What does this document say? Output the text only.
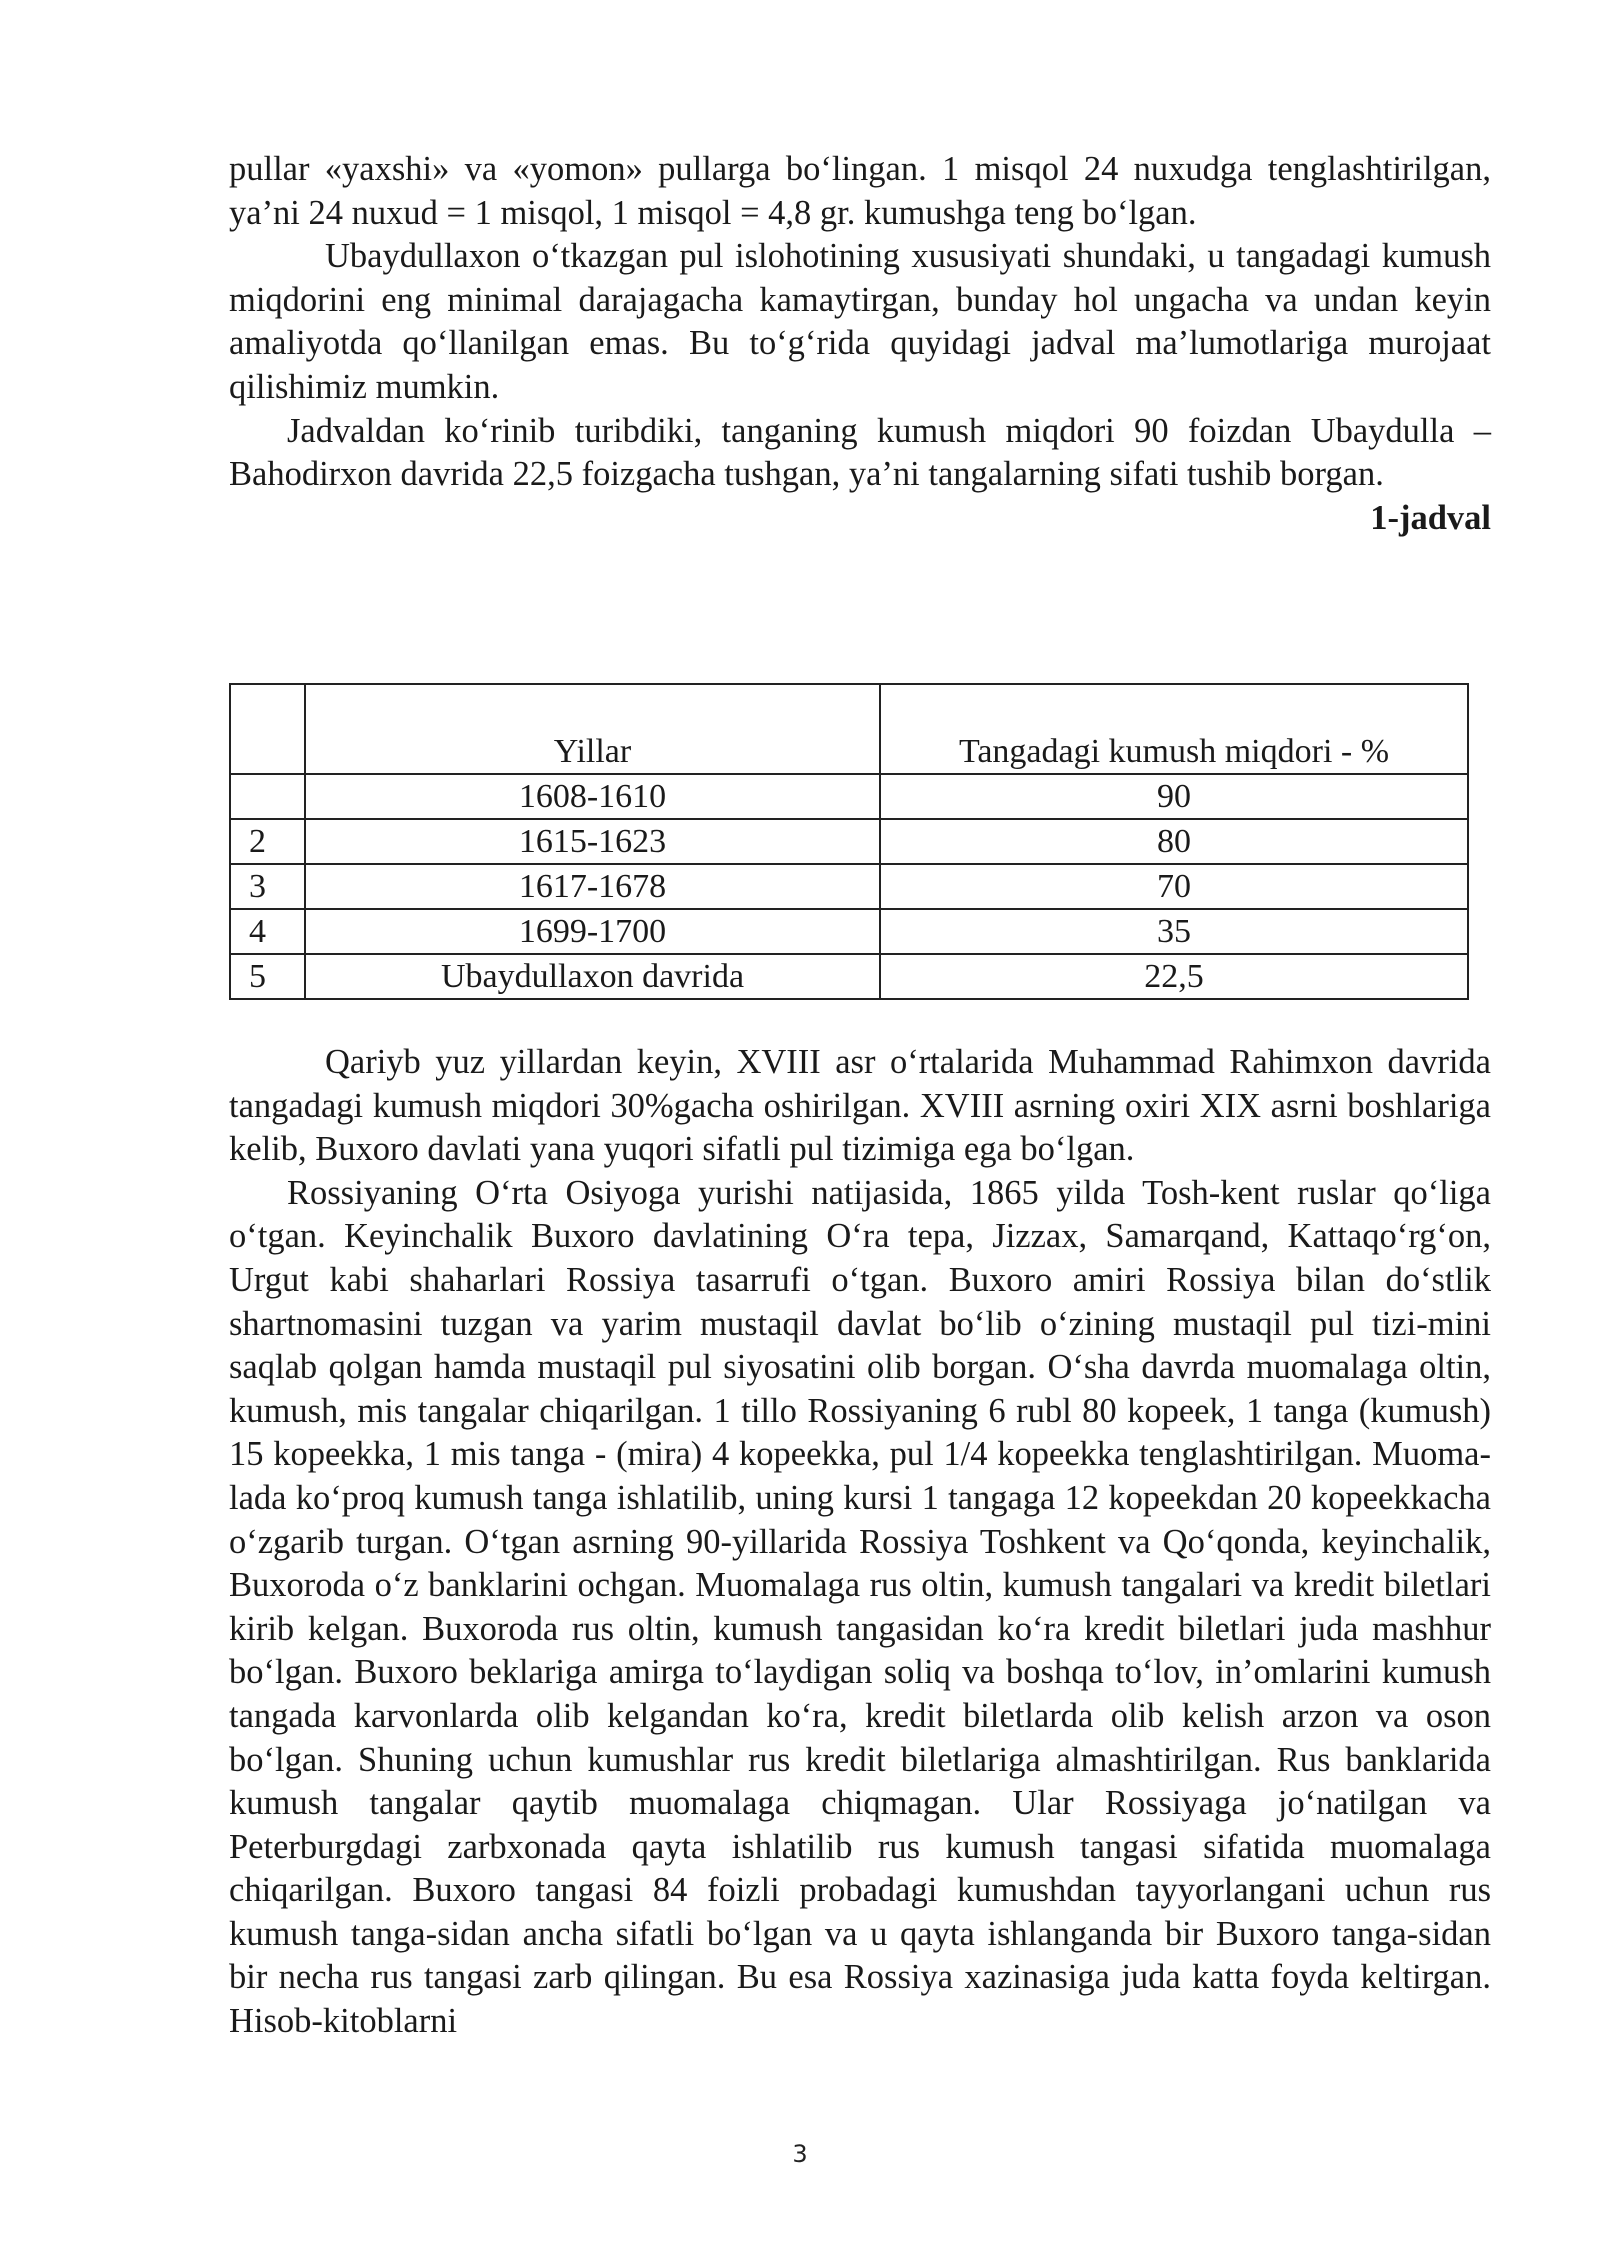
pullar «yaxshi» va «yomon» pullarga bo‘lingan. 1 misqol 24 nuxudga tenglashtirilgan, ya’ni 24 nuxud = 1 misqol, 1 misqol = 4,8 gr. kumushga teng bo‘lgan.

Ubaydullaxon o‘tkazgan pul islohotining xususiyati shundaki, u tangadagi kumush miqdorini eng minimal darajagacha kamaytirgan, bunday hol ungacha va undan keyin amaliyotda qo‘llanilgan emas. Bu to‘g‘rida quyidagi jadval ma’lumotlariga murojaat qilishimiz mumkin.

Jadvaldan ko‘rinib turibdiki, tanganing kumush miqdori 90 foizdan Ubaydulla – Bahodirxon davrida 22,5 foizgacha tushgan, ya’ni tangalarning sifati tushib borgan.

1-jadval

	Yillar	Tangadagi kumush miqdori - %
	1608-1610	90
2	1615-1623	80
3	1617-1678	70
4	1699-1700	35
5	Ubaydullaxon davrida	22,5

Qariyb yuz yillardan keyin, XVIII asr o‘rtalarida Muhammad Rahimxon davrida tangadagi kumush miqdori 30%gacha oshirilgan. XVIII asrning oxiri XIX asrni boshlariga kelib, Buxoro davlati yana yuqori sifatli pul tizimiga ega bo‘lgan.

Rossiyaning O‘rta Osiyoga yurishi natijasida, 1865 yilda Tosh-kent ruslar qo‘liga o‘tgan. Keyinchalik Buxoro davlatining O‘ra tepa, Jizzax, Samarqand, Kattaqo‘rg‘on, Urgut kabi shaharlari Rossiya tasarrufi o‘tgan. Buxoro amiri Rossiya bilan do‘stlik shartnomasini tuzgan va yarim mustaqil davlat bo‘lib o‘zining mustaqil pul tizi-mini saqlab qolgan hamda mustaqil pul siyosatini olib borgan. O‘sha davrda muomalaga oltin, kumush, mis tangalar chiqarilgan. 1 tillo Rossiyaning 6 rubl 80 kopeek, 1 tanga (kumush) 15 kopeekka, 1 mis tanga - (mira) 4 kopeekka, pul 1/4 kopeekka tenglashtirilgan. Muoma-lada ko‘proq kumush tanga ishlatilib, uning kursi 1 tangaga 12 kopeekdan 20 kopeekkacha o‘zgarib turgan. O‘tgan asrning 90-yillarida Rossiya Toshkent va Qo‘qonda, keyinchalik, Buxoroda o‘z banklarini ochgan. Muomalaga rus oltin, kumush tangalari va kredit biletlari kirib kelgan. Buxoroda rus oltin, kumush tangasidan ko‘ra kredit biletlari juda mashhur bo‘lgan. Buxoro beklariga amirga to‘laydigan soliq va boshqa to‘lov, in’omlarini kumush tangada karvonlarda olib kelgandan ko‘ra, kredit biletlarda olib kelish arzon va oson bo‘lgan. Shuning uchun kumushlar rus kredit biletlariga almashtirilgan. Rus banklarida kumush tangalar qaytib muomalaga chiqmagan. Ular Rossiyaga jo‘natilgan va Peterburgdagi zarbxonada qayta ishlatilib rus kumush tangasi sifatida muomalaga chiqarilgan. Buxoro tangasi 84 foizli probadagi kumushdan tayyorlangani uchun rus kumush tanga-sidan ancha sifatli bo‘lgan va u qayta ishlanganda bir Buxoro tanga-sidan bir necha rus tangasi zarb qilingan. Bu esa Rossiya xazinasiga juda katta foyda keltirgan. Hisob-kitoblarni

3
